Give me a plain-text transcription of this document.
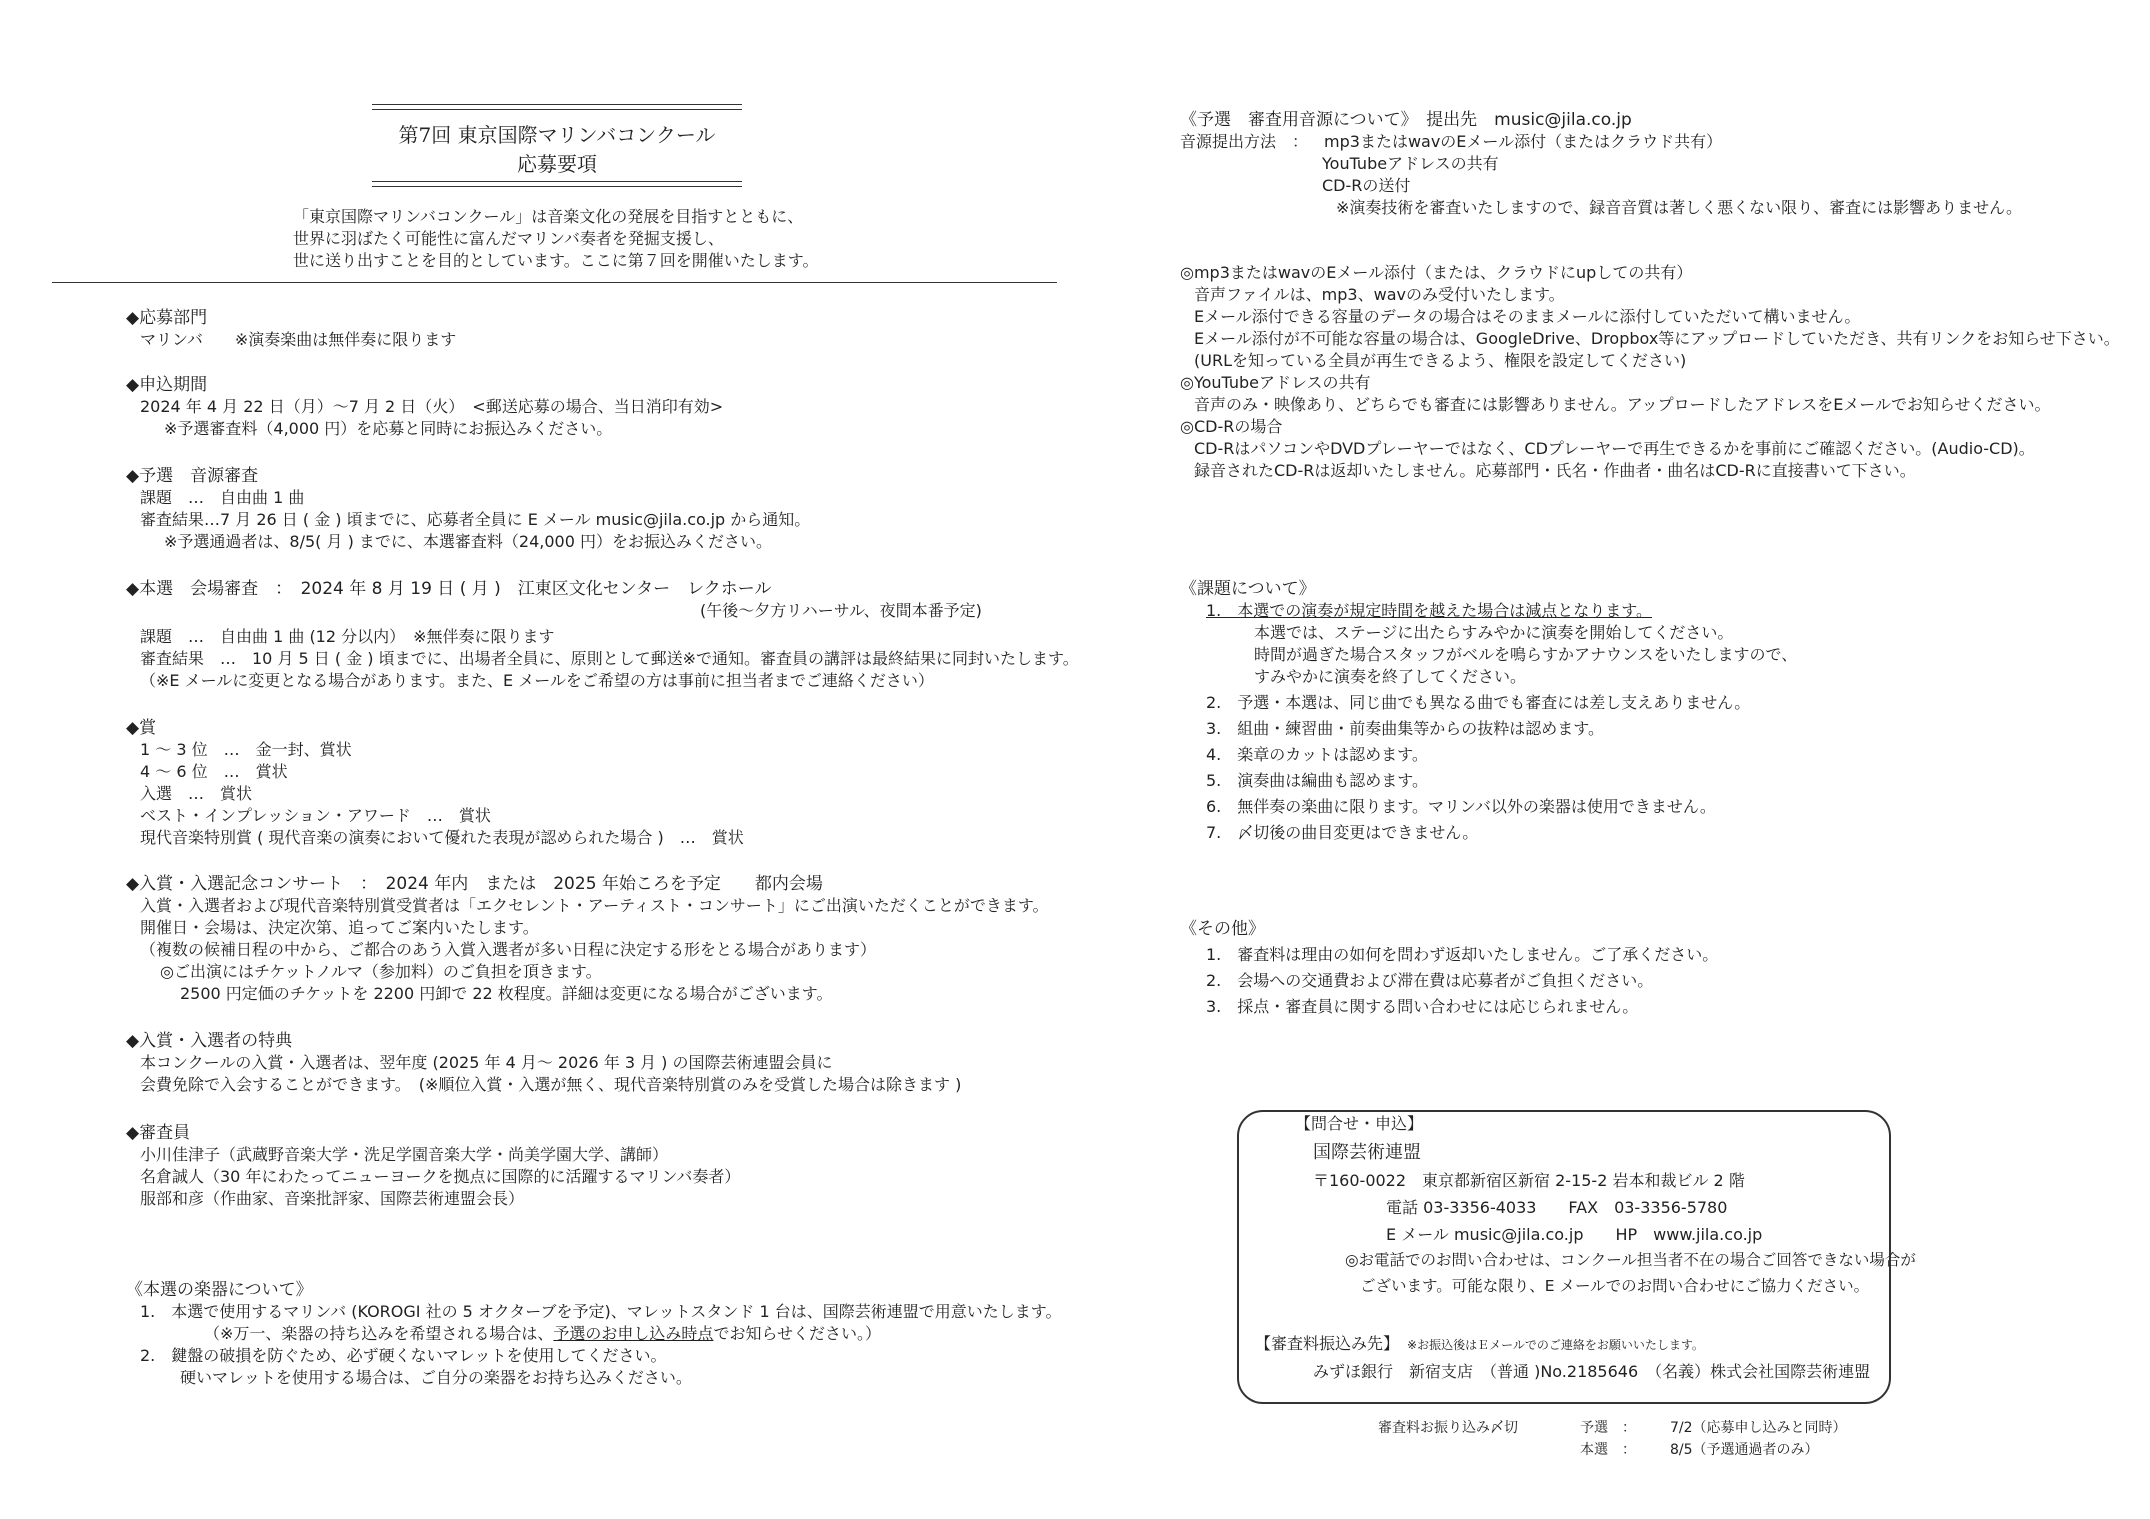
第7回 東京国際マリンバコンクール
応募要項
「東京国際マリンバコンクール」は音楽文化の発展を目指すとともに、
世界に羽ばたく可能性に富んだマリンバ奏者を発掘支援し、
世に送り出すことを目的としています。ここに第７回を開催いたします。
◆応募部門
マリンバ　　※演奏楽曲は無伴奏に限ります
◆申込期間
2024 年 4 月 22 日（月）～7 月 2 日（火）　<郵送応募の場合、当日消印有効>
※予選審査料（4,000 円）を応募と同時にお振込みください。
◆予選　音源審査
課題　…　自由曲 1 曲
審査結果…7 月 26 日 ( 金 ) 頃までに、応募者全員に E メール music@jila.co.jp から通知。
※予選通過者は、8/5( 月 ) までに、本選審査料（24,000 円）をお振込みください。
◆本選　会場審査　：　2024 年 8 月 19 日 ( 月 )　江東区文化センター　レクホール
(午後～夕方リハーサル、夜間本番予定)
課題　…　自由曲 1 曲 (12 分以内）　※無伴奏に限ります
審査結果　…　10 月 5 日 ( 金 ) 頃までに、出場者全員に、原則として郵送※で通知。審査員の講評は最終結果に同封いたします。
（※E メールに変更となる場合があります。また、E メールをご希望の方は事前に担当者までご連絡ください）
◆賞
1 ～ 3 位　…　金一封、賞状
4 ～ 6 位　…　賞状
入選　…　賞状
ベスト・インプレッション・アワード　…　賞状
現代音楽特別賞 ( 現代音楽の演奏において優れた表現が認められた場合 )　…　賞状
◆入賞・入選記念コンサート　：　2024 年内　または　2025 年始ころを予定　　都内会場
入賞・入選者および現代音楽特別賞受賞者は「エクセレント・アーティスト・コンサート」にご出演いただくことができます。
開催日・会場は、決定次第、追ってご案内いたします。
（複数の候補日程の中から、ご都合のあう入賞入選者が多い日程に決定する形をとる場合があります）
◎ご出演にはチケットノルマ（参加料）のご負担を頂きます。
2500 円定価のチケットを 2200 円卸で 22 枚程度。詳細は変更になる場合がございます。
◆入賞・入選者の特典
本コンクールの入賞・入選者は、翌年度 (2025 年 4 月～ 2026 年 3 月 ) の国際芸術連盟会員に
会費免除で入会することができます。　(※順位入賞・入選が無く、現代音楽特別賞のみを受賞した場合は除きます )
◆審査員
小川佳津子（武蔵野音楽大学・洗足学園音楽大学・尚美学園大学、講師）
名倉誠人（30 年にわたってニューヨークを拠点に国際的に活躍するマリンバ奏者）
服部和彦（作曲家、音楽批評家、国際芸術連盟会長）
《本選の楽器について》
1.　本選で使用するマリンバ (KOROGI 社の 5 オクターブを予定)、マレットスタンド 1 台は、国際芸術連盟で用意いたします。
（※万一、楽器の持ち込みを希望される場合は、予選のお申し込み時点でお知らせください。）
2.　鍵盤の破損を防ぐため、必ず硬くないマレットを使用してください。
硬いマレットを使用する場合は、ご自分の楽器をお持ち込みください。
《予選　審査用音源について》　提出先　music@jila.co.jp
音源提出方法　： mp3またはwavのEメール添付（またはクラウド共有）
YouTubeアドレスの共有
CD-Rの送付
※演奏技術を審査いたしますので、録音音質は著しく悪くない限り、審査には影響ありません。
◎mp3またはwavのEメール添付（または、クラウドにupしての共有）
音声ファイルは、mp3、wavのみ受付いたします。
Eメール添付できる容量のデータの場合はそのままメールに添付していただいて構いません。
Eメール添付が不可能な容量の場合は、GoogleDrive、Dropbox等にアップロードしていただき、共有リンクをお知らせ下さい。
(URLを知っている全員が再生できるよう、権限を設定してください)
◎YouTubeアドレスの共有
音声のみ・映像あり、どちらでも審査には影響ありません。アップロードしたアドレスをEメールでお知らせください。
◎CD-Rの場合
CD-RはパソコンやDVDプレーヤーではなく、CDプレーヤーで再生できるかを事前にご確認ください。(Audio-CD)。
録音されたCD-Rは返却いたしません。応募部門・氏名・作曲者・曲名はCD-Rに直接書いて下さい。
《課題について》
1.　本選での演奏が規定時間を越えた場合は減点となります。
本選では、ステージに出たらすみやかに演奏を開始してください。
時間が過ぎた場合スタッフがベルを鳴らすかアナウンスをいたしますので、
すみやかに演奏を終了してください。
2.　予選・本選は、同じ曲でも異なる曲でも審査には差し支えありません。
3.　組曲・練習曲・前奏曲集等からの抜粋は認めます。
4.　楽章のカットは認めます。
5.　演奏曲は編曲も認めます。
6.　無伴奏の楽曲に限ります。マリンバ以外の楽器は使用できません。
7.　〆切後の曲目変更はできません。
《その他》
1.　審査料は理由の如何を問わず返却いたしません。ご了承ください。
2.　会場への交通費および滞在費は応募者がご負担ください。
3.　採点・審査員に関する問い合わせには応じられません。
【問合せ・申込】
国際芸術連盟
〒160-0022　東京都新宿区新宿 2-15-2 岩本和裁ビル 2 階
電話 03-3356-4033　　FAX　03-3356-5780
E メール music@jila.co.jp　　HP　www.jila.co.jp
◎お電話でのお問い合わせは、コンクール担当者不在の場合ご回答できない場合が
ございます。可能な限り、E メールでのお問い合わせにご協力ください。
【審査料振込み先】 ※お振込後はＥメールでのご連絡をお願いいたします。
みずほ銀行　新宿支店　（普通 )No.2185646　（名義）株式会社国際芸術連盟
審査料お振り込み〆切	予選　： 7/2（応募申し込みと同時）
本選　： 8/5（予選通過者のみ）
